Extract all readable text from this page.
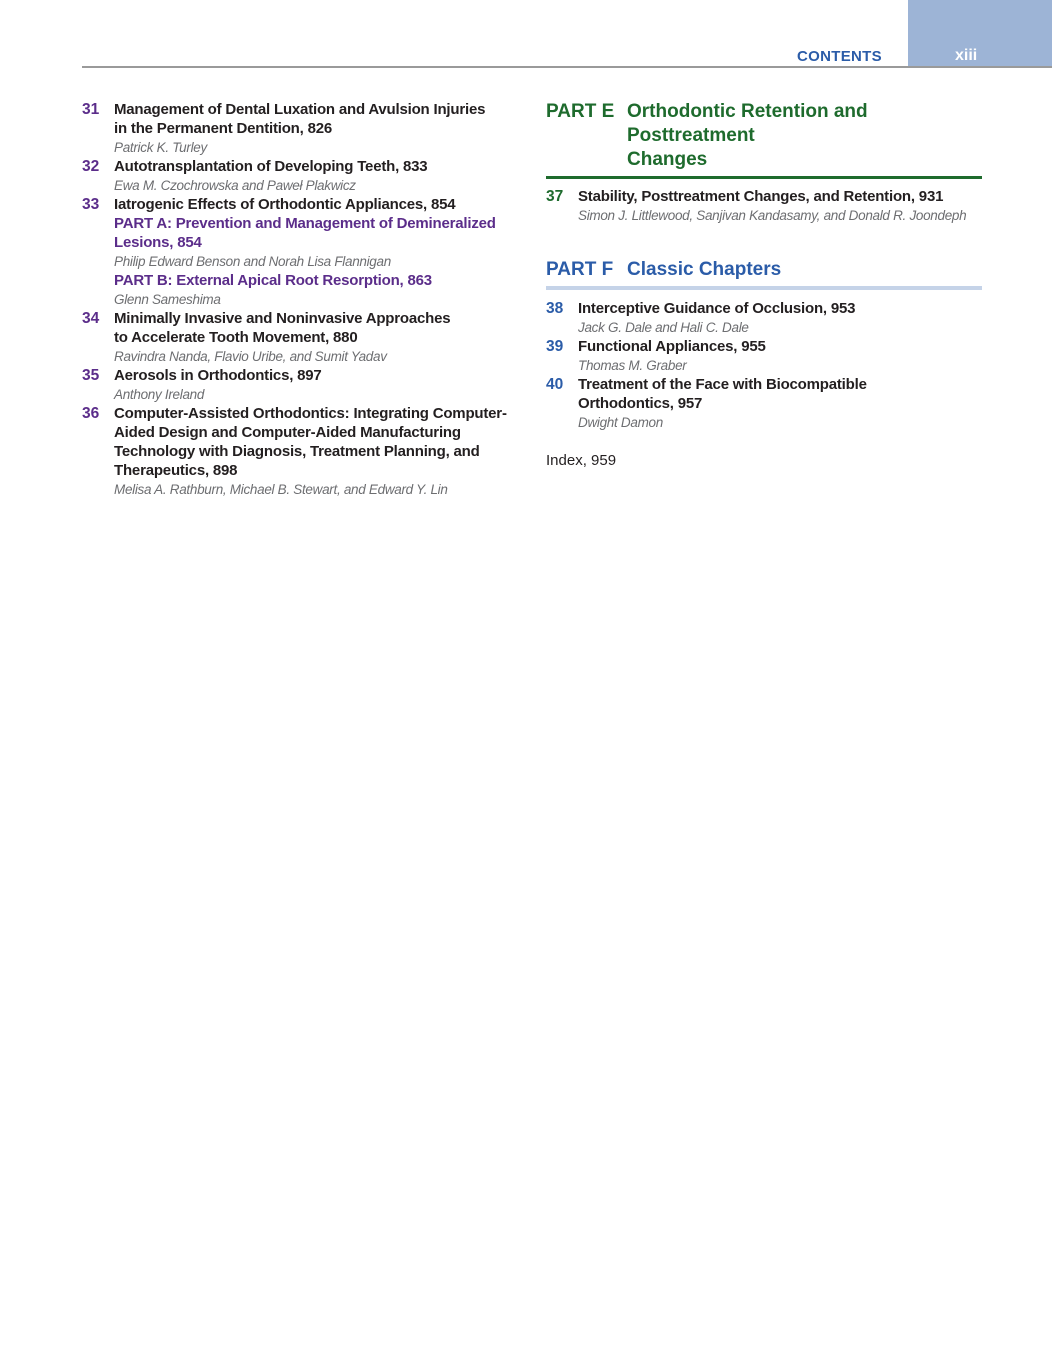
CONTENTS	xiii
31 Management of Dental Luxation and Avulsion Injuries
in the Permanent Dentition, 826
Patrick K. Turley
32 Autotransplantation of Developing Teeth, 833
Ewa M. Czochrowska and Paweł Plakwicz
33 Iatrogenic Effects of Orthodontic Appliances, 854
PART A: Prevention and Management of Demineralized
Lesions, 854
Philip Edward Benson and Norah Lisa Flannigan
PART B: External Apical Root Resorption, 863
Glenn Sameshima
34 Minimally Invasive and Noninvasive Approaches
to Accelerate Tooth Movement, 880
Ravindra Nanda, Flavio Uribe, and Sumit Yadav
35 Aerosols in Orthodontics, 897
Anthony Ireland
36 Computer-Assisted Orthodontics: Integrating Computer-
Aided Design and Computer-Aided Manufacturing
Technology with Diagnosis, Treatment Planning, and
Therapeutics, 898
Melisa A. Rathburn, Michael B. Stewart, and Edward Y. Lin
PART E Orthodontic Retention and Posttreatment
Changes
37 Stability, Posttreatment Changes, and Retention, 931
Simon J. Littlewood, Sanjivan Kandasamy, and Donald R. Joondeph
PART F Classic Chapters
38 Interceptive Guidance of Occlusion, 953
Jack G. Dale and Hali C. Dale
39 Functional Appliances, 955
Thomas M. Graber
40 Treatment of the Face with Biocompatible
Orthodontics, 957
Dwight Damon
Index, 959
